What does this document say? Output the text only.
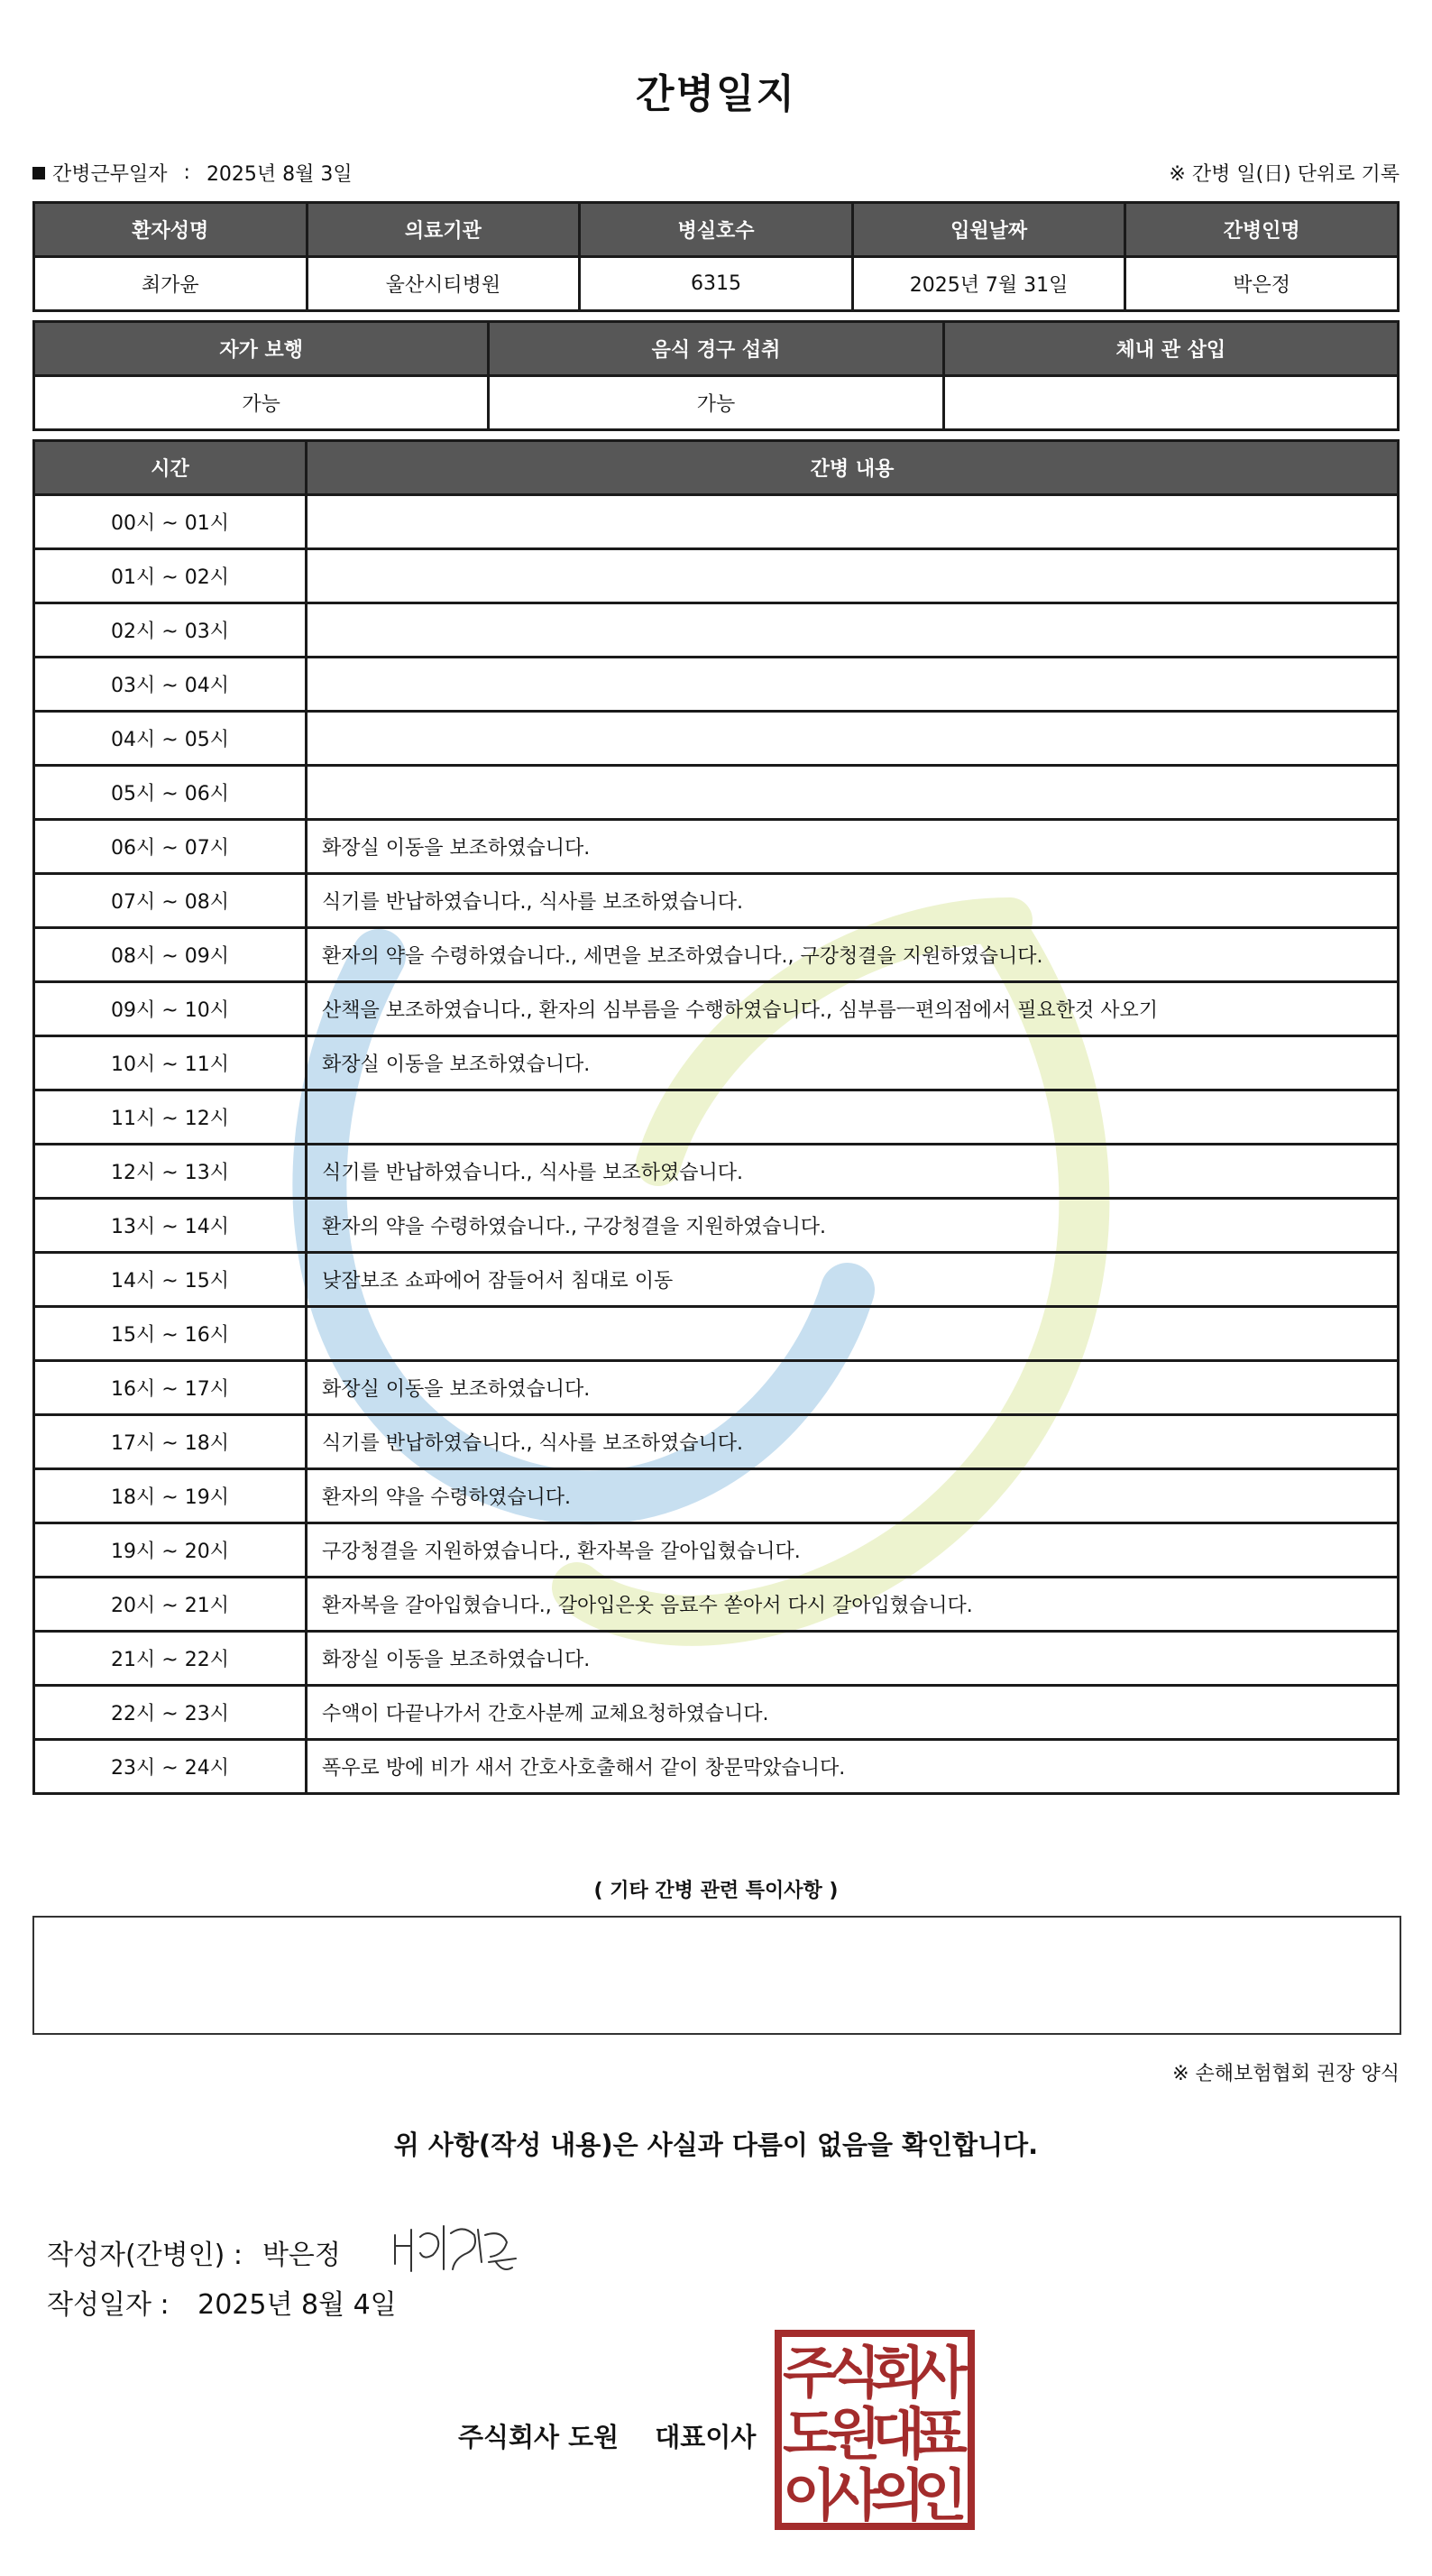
간병일지
간병근무일자 : 2025년 8월 3일	※ 간병 일(日) 단위로 기록
환자성명	의료기관	병실호수	입원날짜	간병인명
최가윤	울산시티병원	6315	2025년 7월 31일	박은정
자가 보행	음식 경구 섭취	체내 관 삽입
가능	가능	
시간	간병 내용
00시 ~ 01시	
01시 ~ 02시	
02시 ~ 03시	
03시 ~ 04시	
04시 ~ 05시	
05시 ~ 06시	
06시 ~ 07시	화장실 이동을 보조하였습니다.
07시 ~ 08시	식기를 반납하였습니다., 식사를 보조하였습니다.
08시 ~ 09시	환자의 약을 수령하였습니다., 세면을 보조하였습니다., 구강청결을 지원하였습니다.
09시 ~ 10시	산책을 보조하였습니다., 환자의 심부름을 수행하였습니다., 심부름ㅡ편의점에서 필요한것 사오기
10시 ~ 11시	화장실 이동을 보조하였습니다.
11시 ~ 12시	
12시 ~ 13시	식기를 반납하였습니다., 식사를 보조하였습니다.
13시 ~ 14시	환자의 약을 수령하였습니다., 구강청결을 지원하였습니다.
14시 ~ 15시	낮잠보조 쇼파에어 잠들어서 침대로 이동
15시 ~ 16시	
16시 ~ 17시	화장실 이동을 보조하였습니다.
17시 ~ 18시	식기를 반납하였습니다., 식사를 보조하였습니다.
18시 ~ 19시	환자의 약을 수령하였습니다.
19시 ~ 20시	구강청결을 지원하였습니다., 환자복을 갈아입혔습니다.
20시 ~ 21시	환자복을 갈아입혔습니다., 갈아입은옷 음료수 쏟아서 다시 갈아입혔습니다.
21시 ~ 22시	화장실 이동을 보조하였습니다.
22시 ~ 23시	수액이 다끝나가서 간호사분께 교체요청하였습니다.
23시 ~ 24시	폭우로 방에 비가 새서 간호사호출해서 같이 창문막았습니다.
( 기타 간병 관련 특이사항 )
※ 손해보험협회 권장 양식
위 사항(작성 내용)은 사실과 다름이 없음을 확인합니다.
작성자(간병인) : 박은정
작성일자 : 2025년 8월 4일
주식회사 도원 대표이사
주
식
회
사
도
원
대
표
이
사
의
인
